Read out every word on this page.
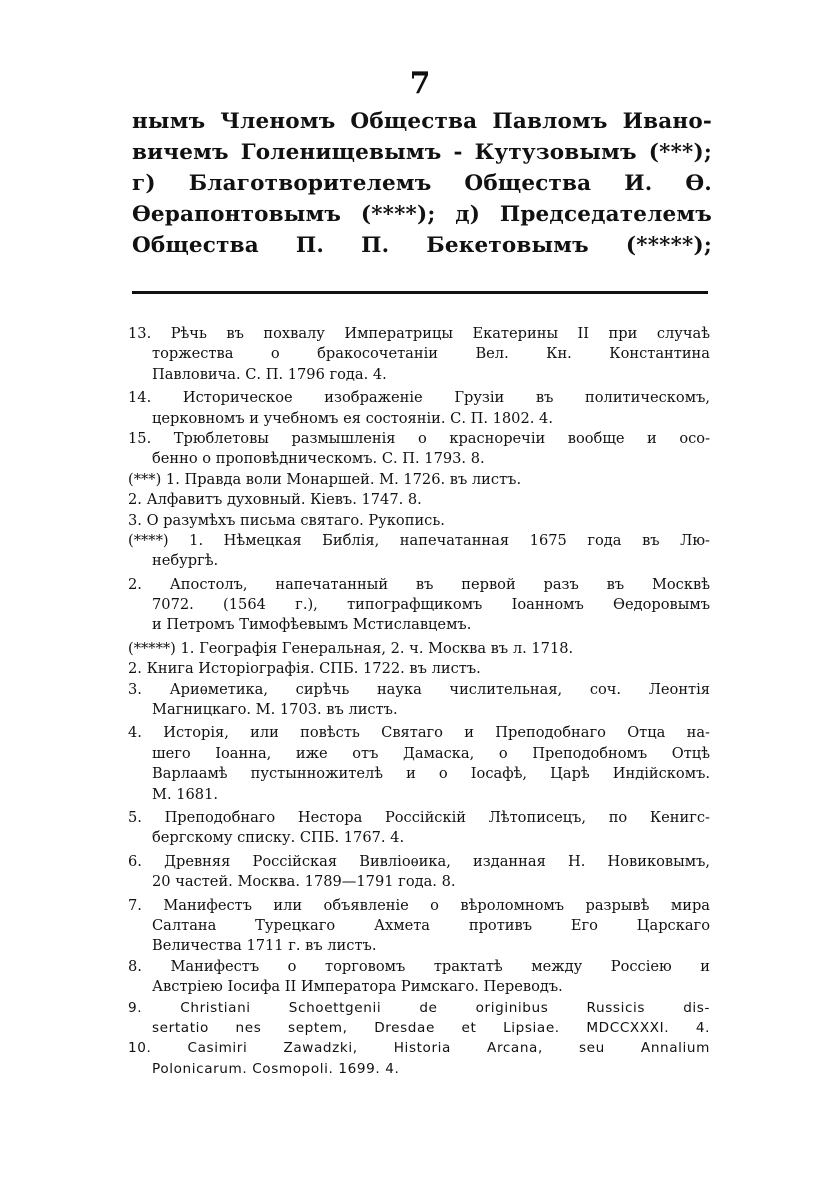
7
нымъ Членомъ Общества Павломъ Ивано-
вичемъ Голенищевымъ - Кутузовымъ (***);
г) Благотворителемъ Общества И. Ѳ.
Ѳерапонтовымъ (****); д) Председателемъ
Общества П. П. Бекетовымъ (*****);
13. Рѣчь въ похвалу Императрицы Екатерины II при случаѣ
торжества о бракосочетаніи Вел. Кн. Константина
Павловича. С. П. 1796 года. 4.
14. Историческое изображеніе Грузіи въ политическомъ,
церковномъ и учебномъ ея состояніи. С. П. 1802. 4.
15. Трюблетовы размышленія о красноречіи вообще и осо-
бенно о проповѣдническомъ. С. П. 1793. 8.
(***) 1. Правда воли Монаршей. М. 1726. въ листъ.
2. Алфавитъ духовный. Кіевъ. 1747. 8.
3. О разумѣхъ письма святаго. Рукопись.
(****) 1. Нѣмецкая Библія, напечатанная 1675 года въ Лю-
небургѣ.
2. Апостолъ, напечатанный въ первой разъ въ Москвѣ
7072. (1564 г.), типографщикомъ Іоанномъ Ѳедоровымъ
и Петромъ Тимофѣевымъ Мстиславцемъ.
(*****) 1. Географія Генеральная, 2. ч. Москва въ л. 1718.
2. Книга Исторіографія. СПБ. 1722. въ листъ.
3. Ариѳметика, сирѣчь наука числительная, соч. Леонтія
Магницкаго. М. 1703. въ листъ.
4. Исторія, или повѣсть Святаго и Преподобнаго Отца на-
шего Іоанна, иже отъ Дамаска, о Преподобномъ Отцѣ
Варлаамѣ пустынножителѣ и о Іосафѣ, Царѣ Индійскомъ.
М. 1681.
5. Преподобнаго Нестора Россійскій Лѣтописецъ, по Кенигс-
бергскому списку. СПБ. 1767. 4.
6. Древняя Россійская Вивліоѳика, изданная Н. Новиковымъ,
20 частей. Москва. 1789—1791 года. 8.
7. Манифестъ или объявленіе о вѣроломномъ разрывѣ мира
Салтана Турецкаго Ахмета противъ Его Царскаго
Величества 1711 г. въ листъ.
8. Манифестъ о торговомъ трактатѣ между Россіею и
Австріею Іосифа II Императора Римскаго. Переводъ.
9. Christiani Schoettgenii de originibus Russicis dis-
sertatio nes septem, Dresdae et Lipsiae. MDCCXXXI. 4.
10. Casimiri Zawadzki, Historia Arcana, seu Annalium
Polonicarum. Cosmopoli. 1699. 4.
